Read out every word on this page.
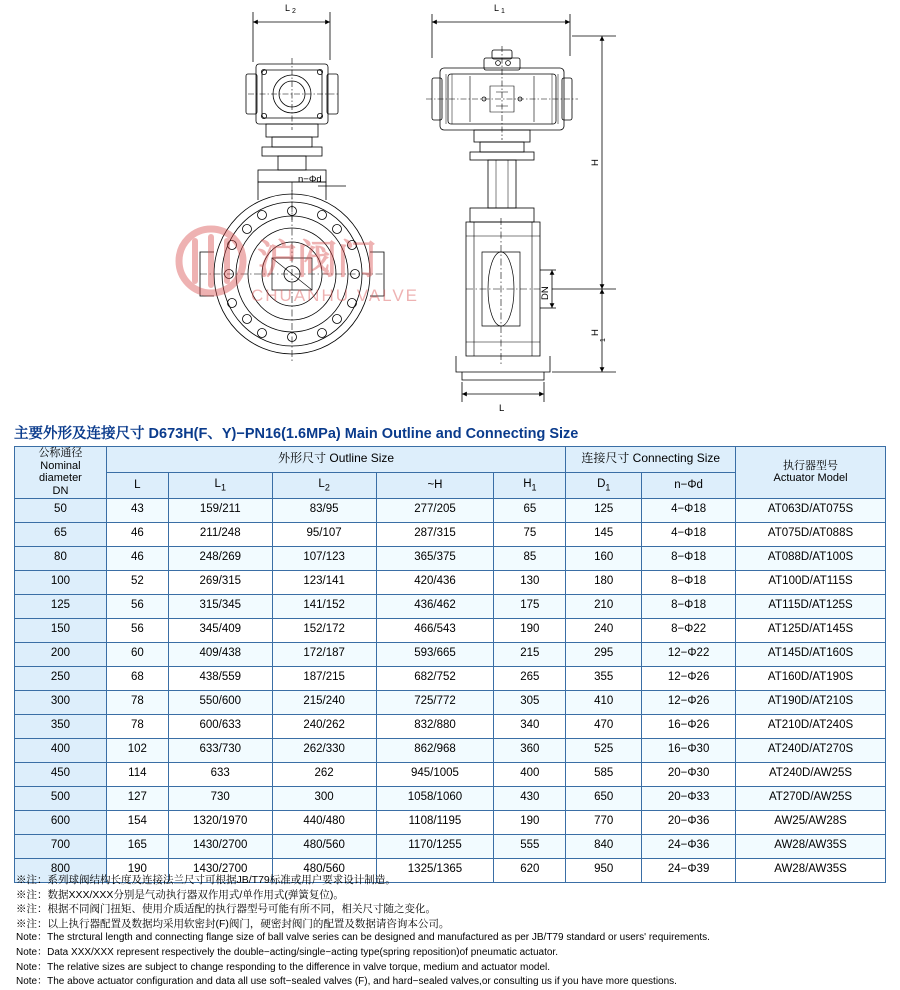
L 2
n−Φd
L 1
L
H
H
1
DN
沪阀门
CHUANHU VALVE
主要外形及连接尺寸 D673H(F、Y)−PN16(1.6MPa) Main Outline and Connecting Size
公称通径
Nominal
diameter
DN
	外形尺寸 Outline Size	连接尺寸 Connecting Size	
执行器型号
Actuator Model

	L	$L_1$	$L_2$	~H	$H_1$	$D_1$	n−Φd	
50	43	159/211	83/95	277/205	65	125	4−Φ18	AT063D/AT075S
65	46	211/248	95/107	287/315	75	145	4−Φ18	AT075D/AT088S
80	46	248/269	107/123	365/375	85	160	8−Φ18	AT088D/AT100S
100	52	269/315	123/141	420/436	130	180	8−Φ18	AT100D/AT115S
125	56	315/345	141/152	436/462	175	210	8−Φ18	AT115D/AT125S
150	56	345/409	152/172	466/543	190	240	8−Φ22	AT125D/AT145S
200	60	409/438	172/187	593/665	215	295	12−Φ22	AT145D/AT160S
250	68	438/559	187/215	682/752	265	355	12−Φ26	AT160D/AT190S
300	78	550/600	215/240	725/772	305	410	12−Φ26	AT190D/AT210S
350	78	600/633	240/262	832/880	340	470	16−Φ26	AT210D/AT240S
400	102	633/730	262/330	862/968	360	525	16−Φ30	AT240D/AT270S
450	114	633	262	945/1005	400	585	20−Φ30	AT240D/AW25S
500	127	730	300	1058/1060	430	650	20−Φ33	AT270D/AW25S
600	154	1320/1970	440/480	1108/1195	190	770	20−Φ36	AW25/AW28S
700	165	1430/2700	480/560	1170/1255	555	840	24−Φ36	AW28/AW35S
800	190	1430/2700	480/560	1325/1365	620	950	24−Φ39	AW28/AW35S
※注：系列球阀结构长度及连接法兰尺寸可根据JB/T79标准或用户要求设计制造。
※注：数据XXX/XXX分别是气动执行器双作用式/单作用式(弹簧复位)。
※注：根据不同阀门扭矩、使用介质适配的执行器型号可能有所不同，相关尺寸随之变化。
※注：以上执行器配置及数据均采用软密封(F)阀门，硬密封阀门的配置及数据请咨询本公司。
Note：The strctural length and connecting flange size of ball valve series can be designed and manufactured as per JB/T79 standard or users' requirements.
Note：Data XXX/XXX represent respectively the double−acting/single−acting type(spring reposition)of pneumatic actuator.
Note：The relative sizes are subject to change responding to the difference in valve torque, medium and actuator model.
Note：The above actuator configuration and data all use soft−sealed valves (F), and hard−sealed valves,or consulting us if you have more questions.
